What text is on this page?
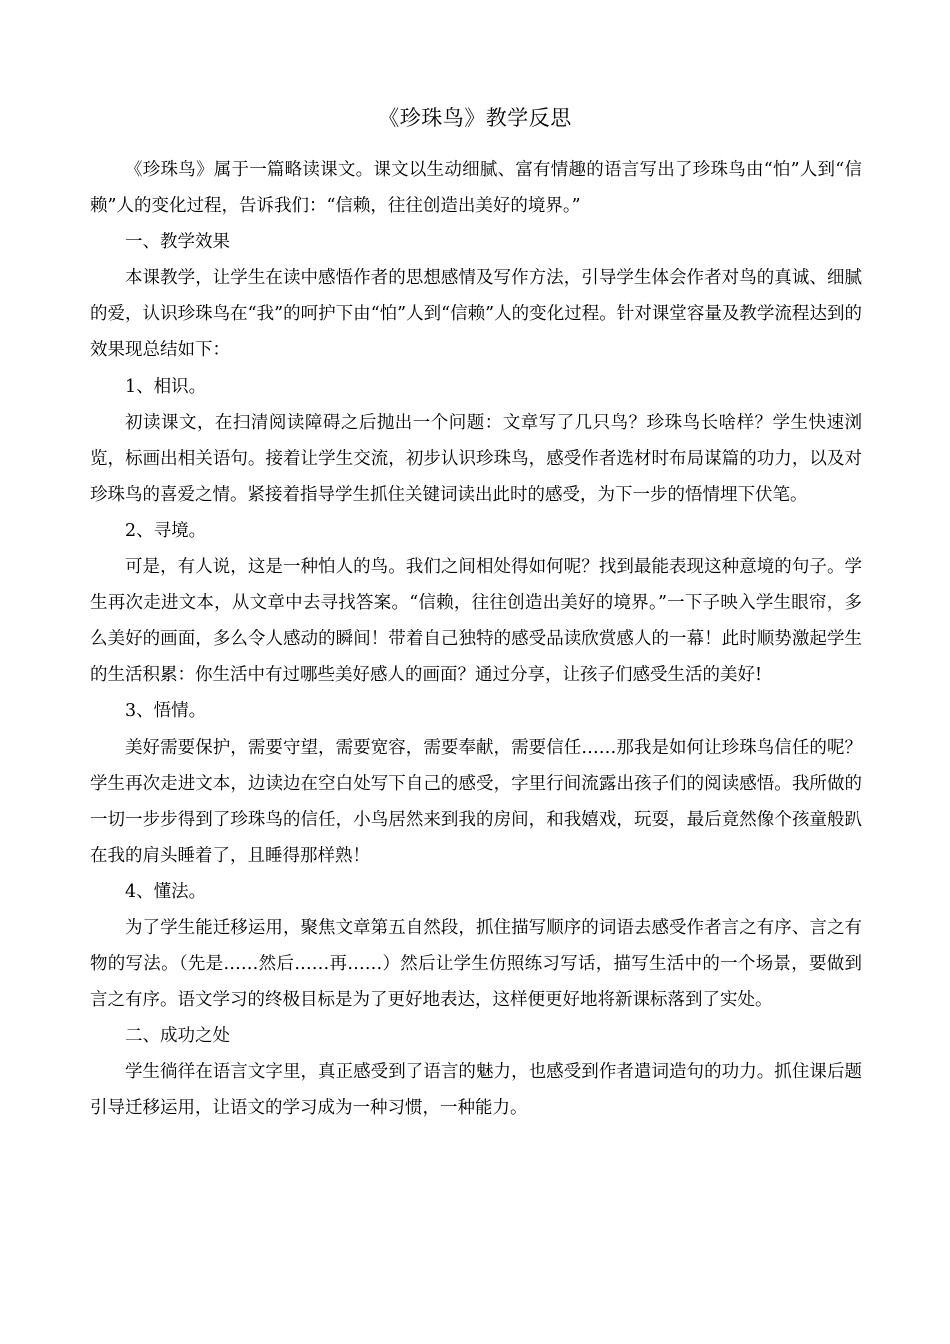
《珍珠鸟》教学反思

《珍珠鸟》属于一篇略读课文。课文以生动细腻、富有情趣的语言写出了珍珠鸟由“怕”人到“信赖”人的变化过程，告诉我们：“信赖，往往创造出美好的境界。”

一、教学效果

本课教学，让学生在读中感悟作者的思想感情及写作方法，引导学生体会作者对鸟的真诚、细腻的爱，认识珍珠鸟在“我”的呵护下由“怕”人到“信赖”人的变化过程。针对课堂容量及教学流程达到的效果现总结如下：

1、相识。

初读课文，在扫清阅读障碍之后抛出一个问题：文章写了几只鸟？珍珠鸟长啥样？学生快速浏览，标画出相关语句。接着让学生交流，初步认识珍珠鸟，感受作者选材时布局谋篇的功力，以及对珍珠鸟的喜爱之情。紧接着指导学生抓住关键词读出此时的感受，为下一步的悟情埋下伏笔。

2、寻境。

可是，有人说，这是一种怕人的鸟。我们之间相处得如何呢？找到最能表现这种意境的句子。学生再次走进文本，从文章中去寻找答案。“信赖，往往创造出美好的境界。”一下子映入学生眼帘，多么美好的画面，多么令人感动的瞬间！带着自己独特的感受品读欣赏感人的一幕！此时顺势激起学生的生活积累：你生活中有过哪些美好感人的画面？通过分享，让孩子们感受生活的美好!

3、悟情。

美好需要保护，需要守望，需要宽容，需要奉献，需要信任……那我是如何让珍珠鸟信任的呢？学生再次走进文本，边读边在空白处写下自己的感受，字里行间流露出孩子们的阅读感悟。我所做的一切一步步得到了珍珠鸟的信任，小鸟居然来到我的房间，和我嬉戏，玩耍，最后竟然像个孩童般趴在我的肩头睡着了，且睡得那样熟！

4、懂法。

为了学生能迁移运用，聚焦文章第五自然段，抓住描写顺序的词语去感受作者言之有序、言之有物的写法。（先是……然后……再……）然后让学生仿照练习写话，描写生活中的一个场景，要做到言之有序。语文学习的终极目标是为了更好地表达，这样便更好地将新课标落到了实处。

二、成功之处

学生徜徉在语言文字里，真正感受到了语言的魅力，也感受到作者遣词造句的功力。抓住课后题引导迁移运用，让语文的学习成为一种习惯，一种能力。
